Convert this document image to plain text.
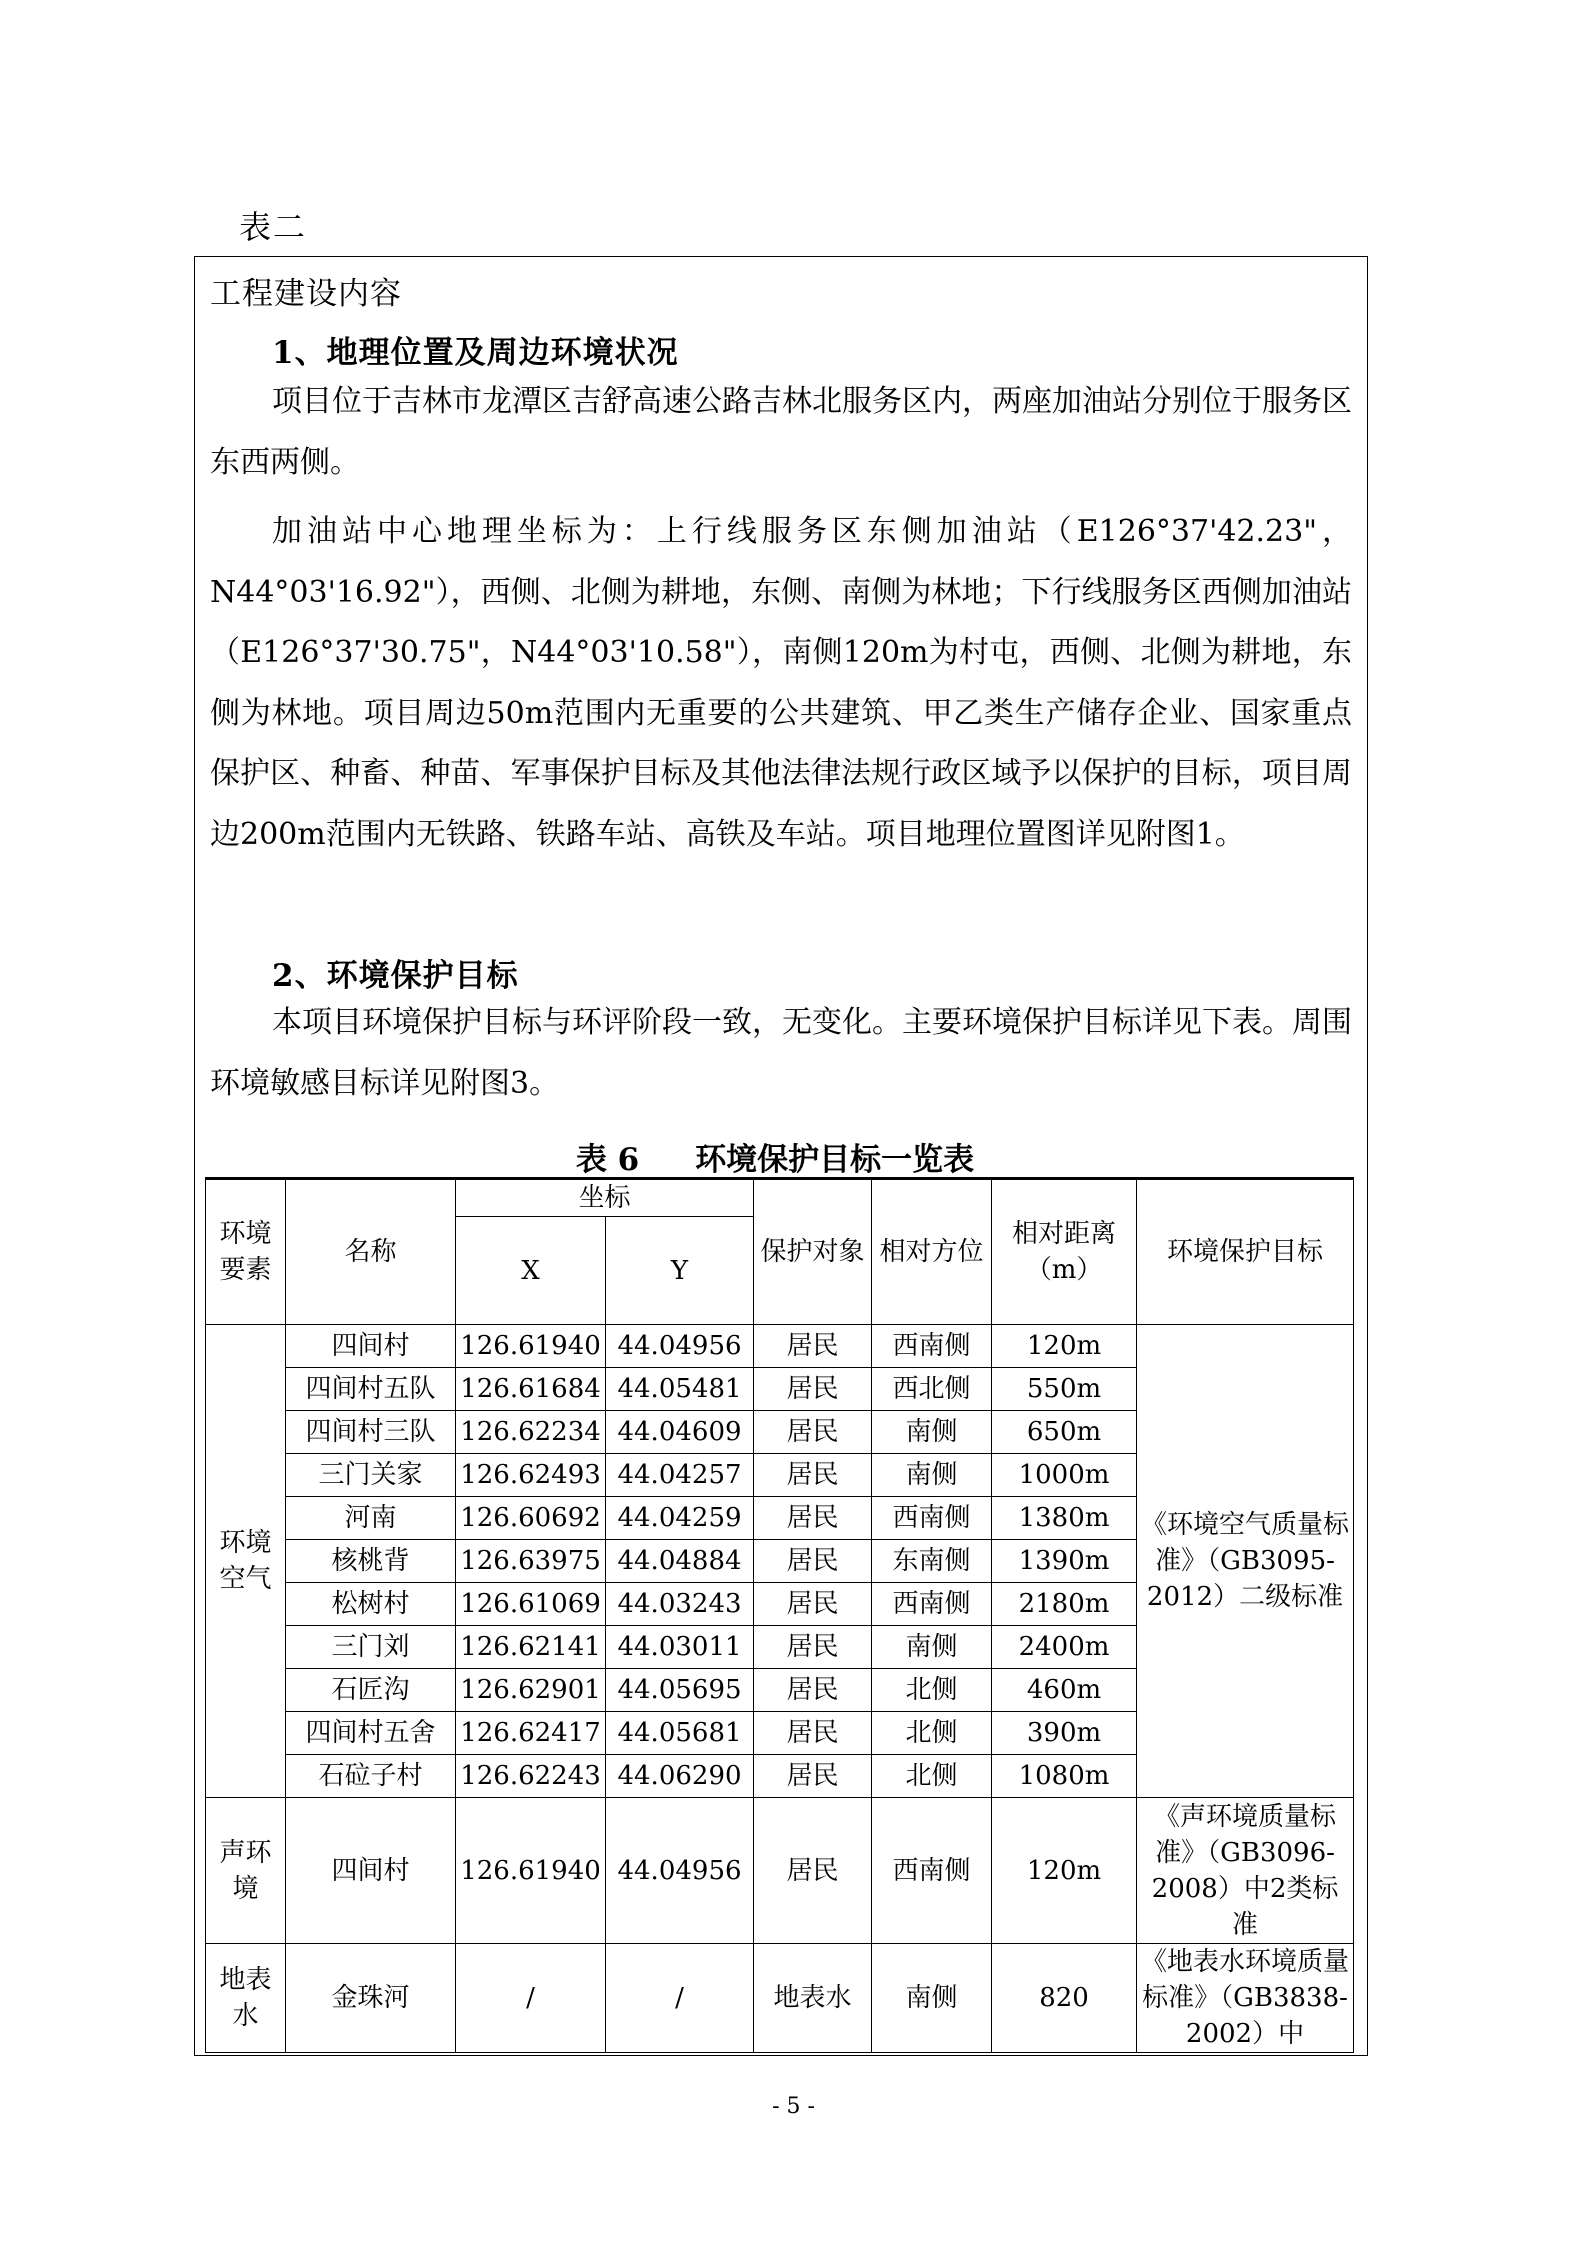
表二
工程建设内容
1、地理位置及周边环境状况

项目位于吉林市龙潭区吉舒高速公路吉林北服务区内，两座加油站分别位于服务区东西两侧。

加油站中心地理坐标为：上行线服务区东侧加油站（E126°37'42.23"，N44°03'16.92"），西侧、北侧为耕地，东侧、南侧为林地；下行线服务区西侧加油站（E126°37'30.75"，N44°03'10.58"），南侧120m为村屯，西侧、北侧为耕地，东侧为林地。项目周边50m范围内无重要的公共建筑、甲乙类生产储存企业、国家重点保护区、种畜、种苗、军事保护目标及其他法律法规行政区域予以保护的目标，项目周边200m范围内无铁路、铁路车站、高铁及车站。项目地理位置图详见附图1。

2、环境保护目标

本项目环境保护目标与环评阶段一致，无变化。主要环境保护目标详见下表。周围环境敏感目标详见附图3。

表 6 环境保护目标一览表
环境要素	名称	坐标		保护对象	相对方位	相对距离（m）	环境保护目标
		X	Y				
环境空气	四间村	126.61940	44.04956	居民	西南侧	120m	《环境空气质量标准》（GB3095-2012）二级标准
	四间村五队	126.61684	44.05481	居民	西北侧	550m	
	四间村三队	126.62234	44.04609	居民	南侧	650m	
	三门关家	126.62493	44.04257	居民	南侧	1000m	
	河南	126.60692	44.04259	居民	西南侧	1380m	
	核桃背	126.63975	44.04884	居民	东南侧	1390m	
	松树村	126.61069	44.03243	居民	西南侧	2180m	
	三门刘	126.62141	44.03011	居民	南侧	2400m	
	石匠沟	126.62901	44.05695	居民	北侧	460m	
	四间村五舍	126.62417	44.05681	居民	北侧	390m	
	石砬子村	126.62243	44.06290	居民	北侧	1080m	
声环境	四间村	126.61940	44.04956	居民	西南侧	120m	《声环境质量标准》（GB3096-2008）中2类标准
地表水	金珠河	/	/	地表水	南侧	820	《地表水环境质量标准》（GB3838-2002）中
- 5 -
